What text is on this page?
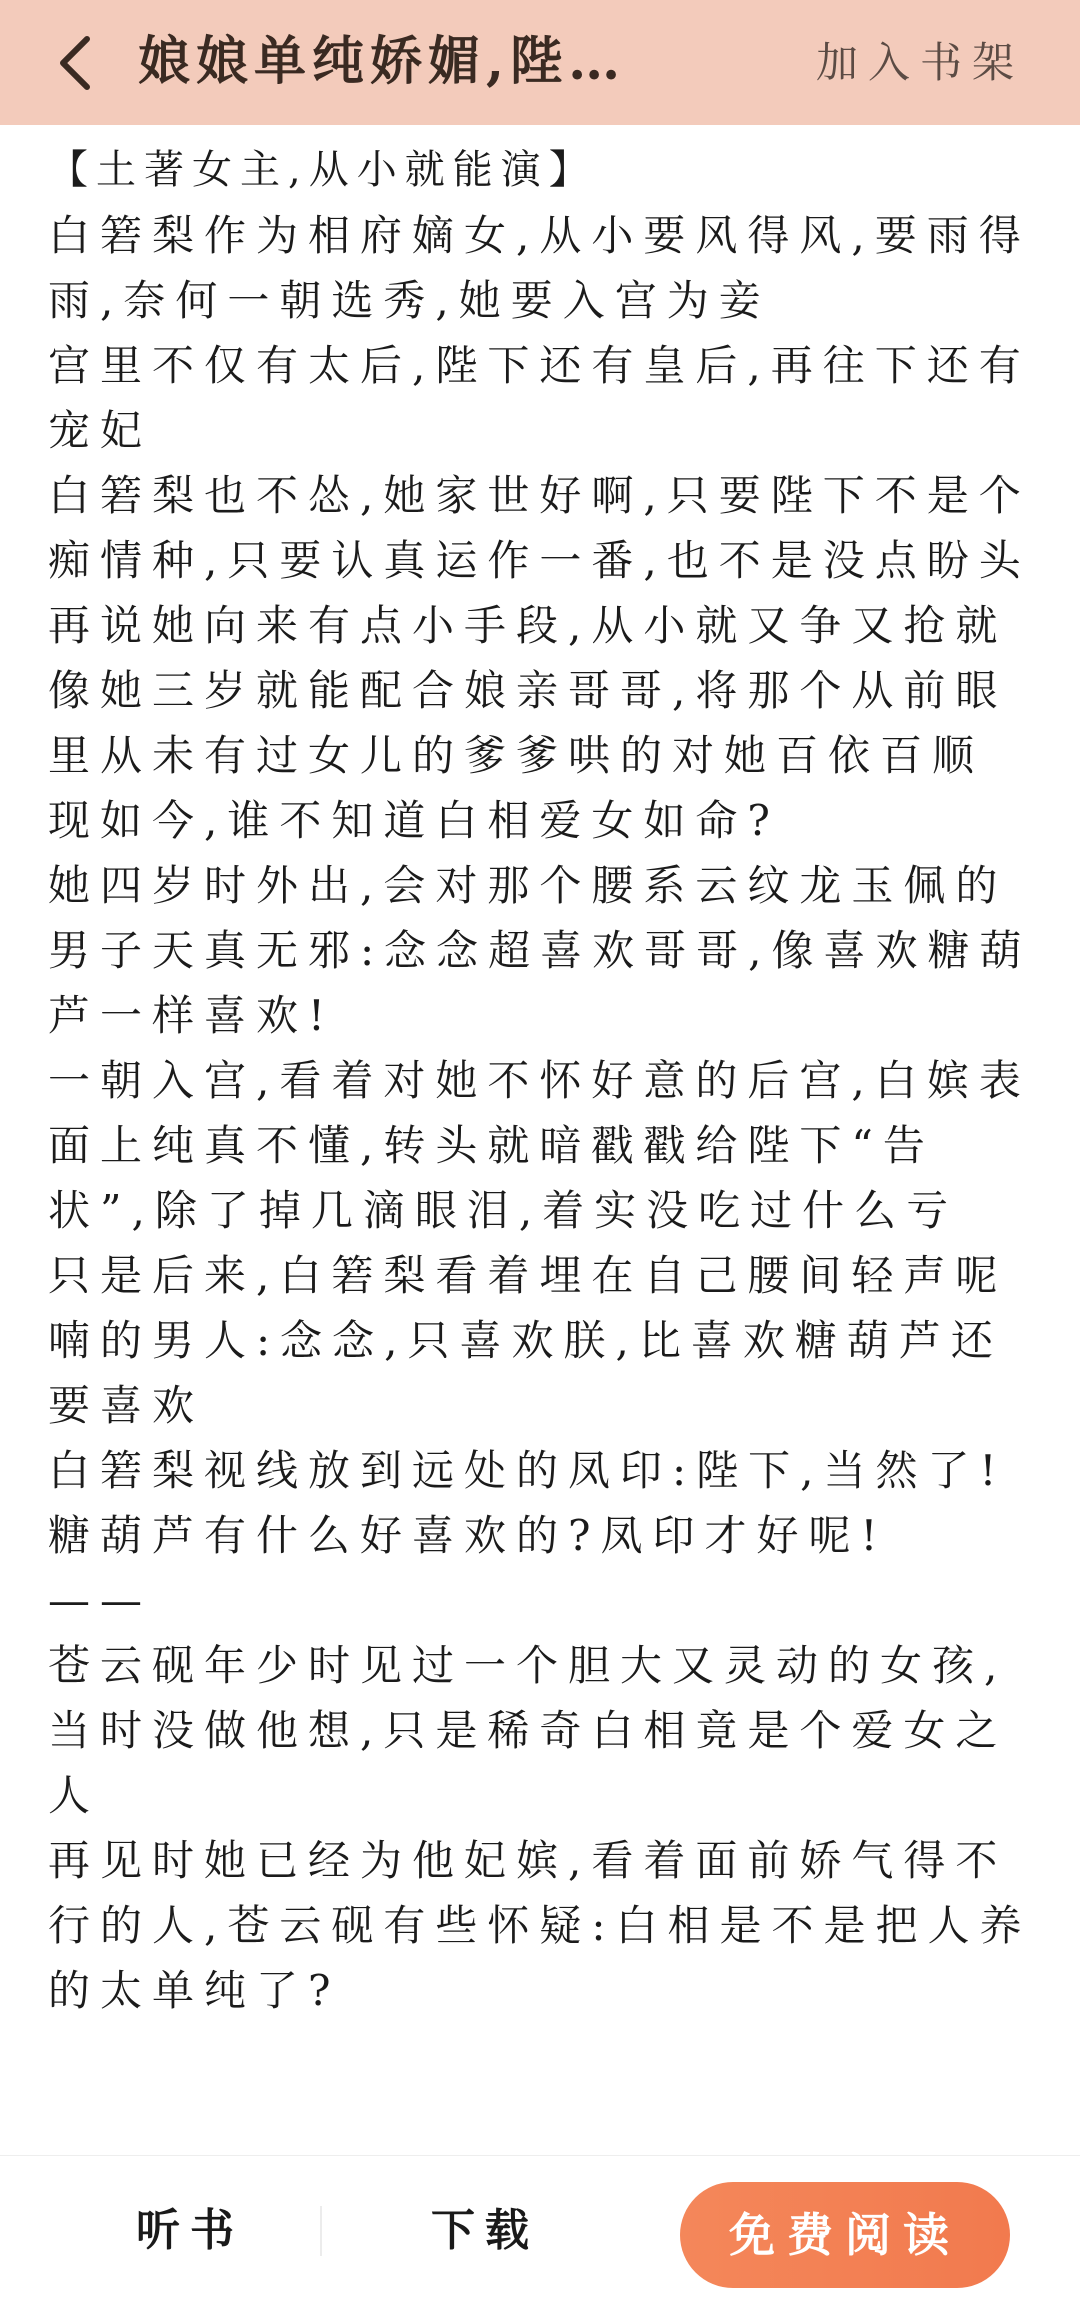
娘娘单纯娇媚,陛…	加入书架

【土著女主,从小就能演】

白箬梨作为相府嫡女,从小要风得风,要雨得雨,奈何一朝选秀,她要入宫为妾

宫里不仅有太后,陛下还有皇后,再往下还有宠妃

白箬梨也不怂,她家世好啊,只要陛下不是个痴情种,只要认真运作一番,也不是没点盼头

再说她向来有点小手段,从小就又争又抢就像她三岁就能配合娘亲哥哥,将那个从前眼里从未有过女儿的爹爹哄的对她百依百顺

现如今,谁不知道白相爱女如命?

她四岁时外出,会对那个腰系云纹龙玉佩的男子天真无邪:念念超喜欢哥哥,像喜欢糖葫芦一样喜欢!

一朝入宫,看着对她不怀好意的后宫,白嫔表面上纯真不懂,转头就暗戳戳给陛下“告状”,除了掉几滴眼泪,着实没吃过什么亏

只是后来,白箬梨看着埋在自己腰间轻声呢喃的男人:念念,只喜欢朕,比喜欢糖葫芦还要喜欢

白箬梨视线放到远处的凤印:陛下,当然了!糖葫芦有什么好喜欢的?凤印才好呢!

——

苍云砚年少时见过一个胆大又灵动的女孩,当时没做他想,只是稀奇白相竟是个爱女之人

再见时她已经为他妃嫔,看着面前娇气得不行的人,苍云砚有些怀疑:白相是不是把人养的太单纯了?

听书	下载	免费阅读
